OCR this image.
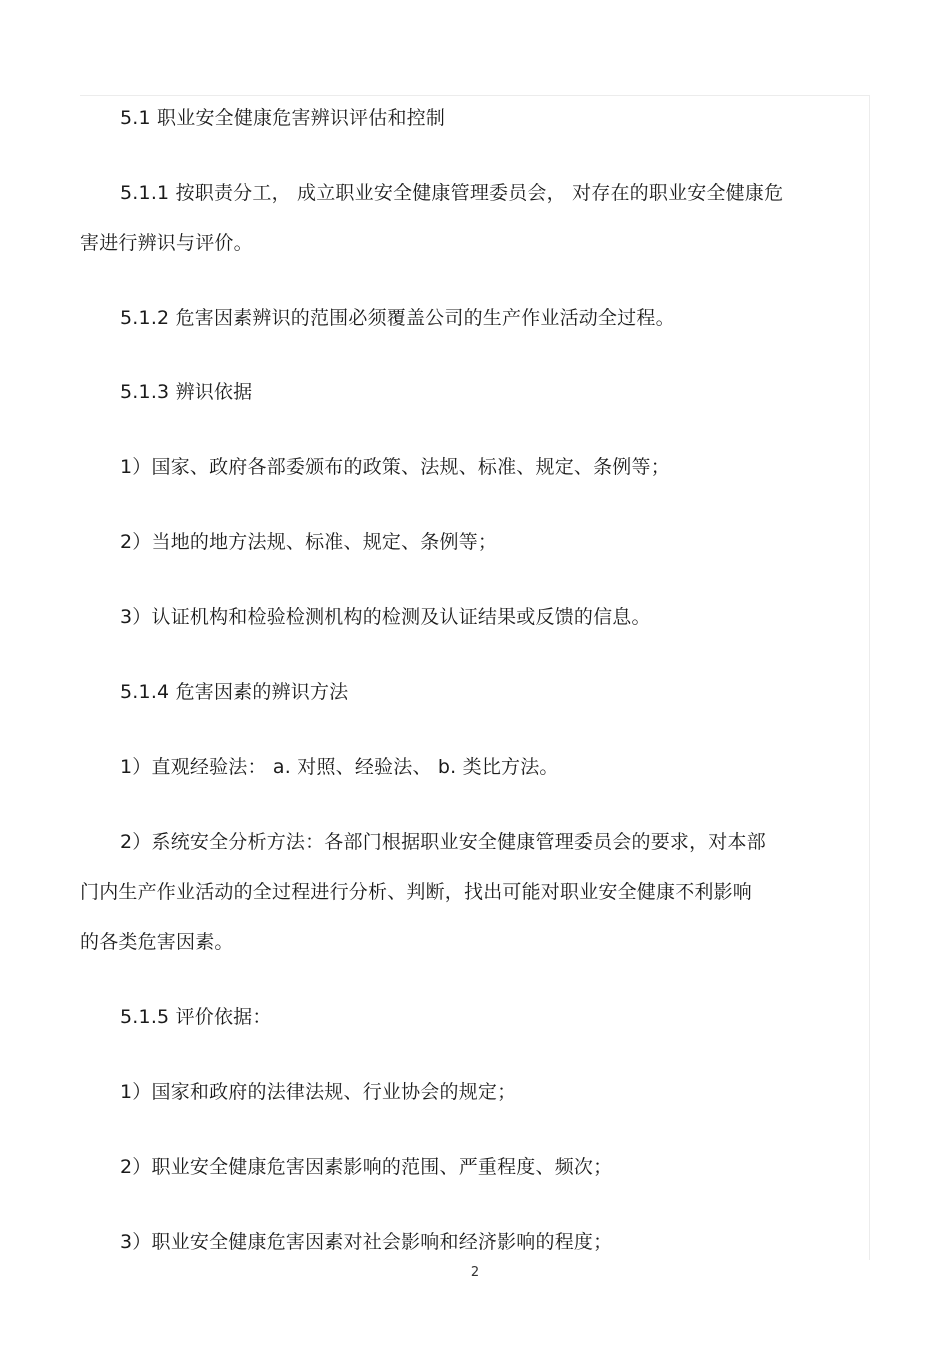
5.1 职业安全健康危害辨识评估和控制
5.1.1 按职责分工， 成立职业安全健康管理委员会， 对存在的职业安全健康危
害进行辨识与评价。
5.1.2 危害因素辨识的范围必须覆盖公司的生产作业活动全过程。
5.1.3 辨识依据
1）国家、政府各部委颁布的政策、法规、标准、规定、条例等；
2）当地的地方法规、标准、规定、条例等；
3）认证机构和检验检测机构的检测及认证结果或反馈的信息。
5.1.4 危害因素的辨识方法
1）直观经验法： a. 对照、经验法、 b. 类比方法。
2）系统安全分析方法：各部门根据职业安全健康管理委员会的要求，对本部
门内生产作业活动的全过程进行分析、判断，找出可能对职业安全健康不利影响
的各类危害因素。
5.1.5 评价依据：
1）国家和政府的法律法规、行业协会的规定；
2）职业安全健康危害因素影响的范围、严重程度、频次；
3）职业安全健康危害因素对社会影响和经济影响的程度；
2
